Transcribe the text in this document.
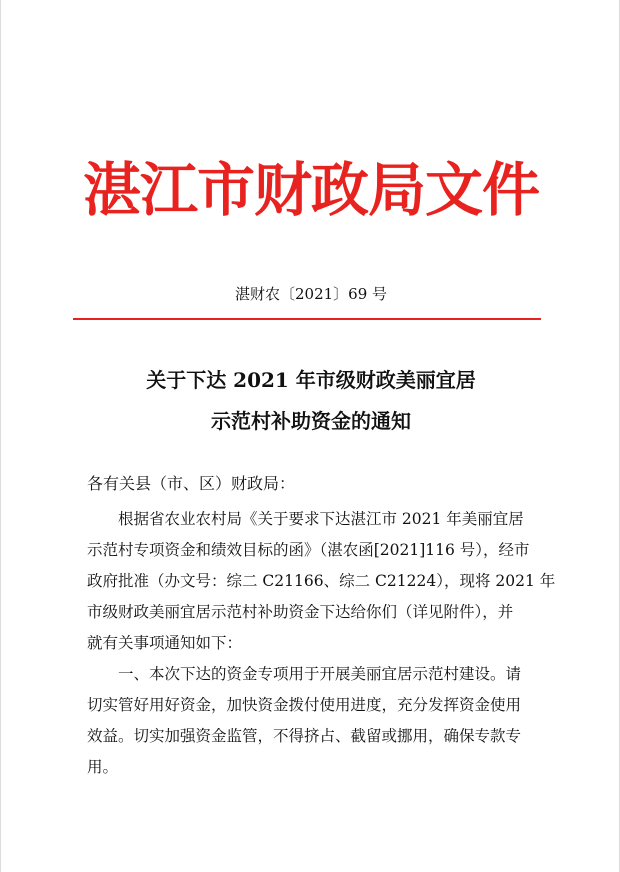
湛江市财政局文件
湛财农〔2021〕69 号
关于下达 2021 年市级财政美丽宜居
示范村补助资金的通知
各有关县（市、区）财政局：
　　根据省农业农村局《关于要求下达湛江市 2021 年美丽宜居
示范村专项资金和绩效目标的函》（湛农函[2021]116 号），经市
政府批准（办文号：综二 C21166、综二 C21224），现将 2021 年
市级财政美丽宜居示范村补助资金下达给你们（详见附件），并
就有关事项通知如下：
　　一、本次下达的资金专项用于开展美丽宜居示范村建设。请
切实管好用好资金，加快资金拨付使用进度，充分发挥资金使用
效益。切实加强资金监管，不得挤占、截留或挪用，确保专款专
用。
